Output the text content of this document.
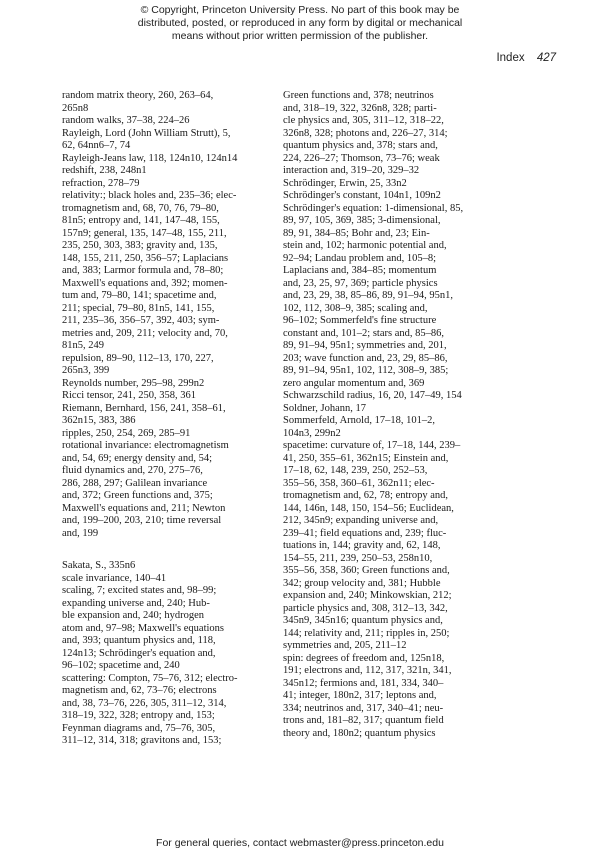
© Copyright, Princeton University Press. No part of this book may be
distributed, posted, or reproduced in any form by digital or mechanical
means without prior written permission of the publisher.
Index 427

random matrix theory, 260, 263–64,
265n8

random walks, 37–38, 224–26

Rayleigh, Lord (John William Strutt), 5,
62, 64nn6–7, 74

Rayleigh-Jeans law, 118, 124n10, 124n14

redshift, 238, 248n1

refraction, 278–79

relativity:; black holes and, 235–36; elec-
tromagnetism and, 68, 70, 76, 79–80,
81n5; entropy and, 141, 147–48, 155,
157n9; general, 135, 147–48, 155, 211,
235, 250, 303, 383; gravity and, 135,
148, 155, 211, 250, 356–57; Laplacians
and, 383; Larmor formula and, 78–80;
Maxwell's equations and, 392; momen-
tum and, 79–80, 141; spacetime and,
211; special, 79–80, 81n5, 141, 155,
211, 235–36, 356–57, 392, 403; sym-
metries and, 209, 211; velocity and, 70,
81n5, 249

repulsion, 89–90, 112–13, 170, 227,
265n3, 399

Reynolds number, 295–98, 299n2

Ricci tensor, 241, 250, 358, 361

Riemann, Bernhard, 156, 241, 358–61,
362n15, 383, 386

ripples, 250, 254, 269, 285–91

rotational invariance: electromagnetism
and, 54, 69; energy density and, 54;
fluid dynamics and, 270, 275–76,
286, 288, 297; Galilean invariance
and, 372; Green functions and, 375;
Maxwell's equations and, 211; Newton
and, 199–200, 203, 210; time reversal
and, 199

Sakata, S., 335n6

scale invariance, 140–41

scaling, 7; excited states and, 98–99;
expanding universe and, 240; Hub-
ble expansion and, 240; hydrogen
atom and, 97–98; Maxwell's equations
and, 393; quantum physics and, 118,
124n13; Schrödinger's equation and,
96–102; spacetime and, 240

scattering: Compton, 75–76, 312; electro-
magnetism and, 62, 73–76; electrons
and, 38, 73–76, 226, 305, 311–12, 314,
318–19, 322, 328; entropy and, 153;
Feynman diagrams and, 75–76, 305,
311–12, 314, 318; gravitons and, 153;

Green functions and, 378; neutrinos
and, 318–19, 322, 326n8, 328; parti-
cle physics and, 305, 311–12, 318–22,
326n8, 328; photons and, 226–27, 314;
quantum physics and, 378; stars and,
224, 226–27; Thomson, 73–76; weak
interaction and, 319–20, 329–32

Schrödinger, Erwin, 25, 33n2

Schrödinger's constant, 104n1, 109n2

Schrödinger's equation: 1-dimensional, 85,
89, 97, 105, 369, 385; 3-dimensional,
89, 91, 384–85; Bohr and, 23; Ein-
stein and, 102; harmonic potential and,
92–94; Landau problem and, 105–8;
Laplacians and, 384–85; momentum
and, 23, 25, 97, 369; particle physics
and, 23, 29, 38, 85–86, 89, 91–94, 95n1,
102, 112, 308–9, 385; scaling and,
96–102; Sommerfeld's fine structure
constant and, 101–2; stars and, 85–86,
89, 91–94, 95n1; symmetries and, 201,
203; wave function and, 23, 29, 85–86,
89, 91–94, 95n1, 102, 112, 308–9, 385;
zero angular momentum and, 369

Schwarzschild radius, 16, 20, 147–49, 154

Soldner, Johann, 17

Sommerfeld, Arnold, 17–18, 101–2,
104n3, 299n2

spacetime: curvature of, 17–18, 144, 239–
41, 250, 355–61, 362n15; Einstein and,
17–18, 62, 148, 239, 250, 252–53,
355–56, 358, 360–61, 362n11; elec-
tromagnetism and, 62, 78; entropy and,
144, 146n, 148, 150, 154–56; Euclidean,
212, 345n9; expanding universe and,
239–41; field equations and, 239; fluc-
tuations in, 144; gravity and, 62, 148,
154–55, 211, 239, 250–53, 258n10,
355–56, 358, 360; Green functions and,
342; group velocity and, 381; Hubble
expansion and, 240; Minkowskian, 212;
particle physics and, 308, 312–13, 342,
345n9, 345n16; quantum physics and,
144; relativity and, 211; ripples in, 250;
symmetries and, 205, 211–12

spin: degrees of freedom and, 125n18,
191; electrons and, 112, 317, 321n, 341,
345n12; fermions and, 181, 334, 340–
41; integer, 180n2, 317; leptons and,
334; neutrinos and, 317, 340–41; neu-
trons and, 181–82, 317; quantum field
theory and, 180n2; quantum physics

For general queries, contact webmaster@press.princeton.edu
